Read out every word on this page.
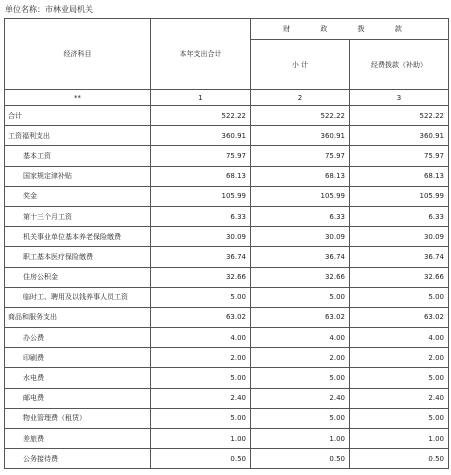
单位名称：市林业局机关
经济科目	本年支出合计	财 政 拨 款	
		小 计	经费拨款（补助）
**	1	2	3
合计	522.22	522.22	522.22
工资福利支出	360.91	360.91	360.91
基本工资	75.97	75.97	75.97
国家规定津补贴	68.13	68.13	68.13
奖金	105.99	105.99	105.99
第十三个月工资	6.33	6.33	6.33
机关事业单位基本养老保险缴费	30.09	30.09	30.09
职工基本医疗保险缴费	36.74	36.74	36.74
住房公积金	32.66	32.66	32.66
临时工、聘用及以钱养事人员工资	5.00	5.00	5.00
商品和服务支出	63.02	63.02	63.02
办公费	4.00	4.00	4.00
印刷费	2.00	2.00	2.00
水电费	5.00	5.00	5.00
邮电费	2.40	2.40	2.40
物业管理费（租赁）	5.00	5.00	5.00
差旅费	1.00	1.00	1.00
公务接待费	0.50	0.50	0.50
